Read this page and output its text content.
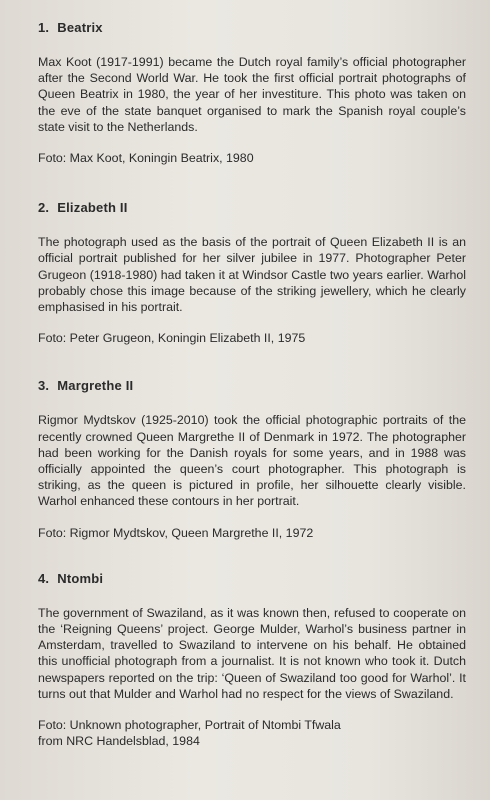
1. Beatrix

Max Koot (1917-1991) became the Dutch royal family’s official photographer after the Second World War. He took the first official portrait photographs of Queen Beatrix in 1980, the year of her investiture. This photo was taken on the eve of the state banquet organised to mark the Spanish royal couple’s state visit to the Netherlands.

Foto: Max Koot, Koningin Beatrix, 1980

2. Elizabeth II

The photograph used as the basis of the portrait of Queen Elizabeth II is an official portrait published for her silver jubilee in 1977. Photographer Peter Grugeon (1918-1980) had taken it at Windsor Castle two years earlier. Warhol probably chose this image because of the striking jewellery, which he clearly emphasised in his portrait.

Foto: Peter Grugeon, Koningin Elizabeth II, 1975

3. Margrethe II

Rigmor Mydtskov (1925-2010) took the official photographic portraits of the recently crowned Queen Margrethe II of Denmark in 1972. The photographer had been working for the Danish royals for some years, and in 1988 was officially appointed the queen’s court photographer. This photograph is striking, as the queen is pictured in profile, her silhouette clearly visible. Warhol enhanced these contours in her portrait.

Foto: Rigmor Mydtskov, Queen Margrethe II, 1972

4. Ntombi

The government of Swaziland, as it was known then, refused to cooperate on the ‘Reigning Queens’ project. George Mulder, Warhol’s business partner in Amsterdam, travelled to Swaziland to intervene on his behalf. He obtained this unofficial photograph from a journalist. It is not known who took it. Dutch newspapers reported on the trip: ‘Queen of Swaziland too good for Warhol’. It turns out that Mulder and Warhol had no respect for the views of Swaziland.

Foto: Unknown photographer, Portrait of Ntombi Tfwala
from NRC Handelsblad, 1984
